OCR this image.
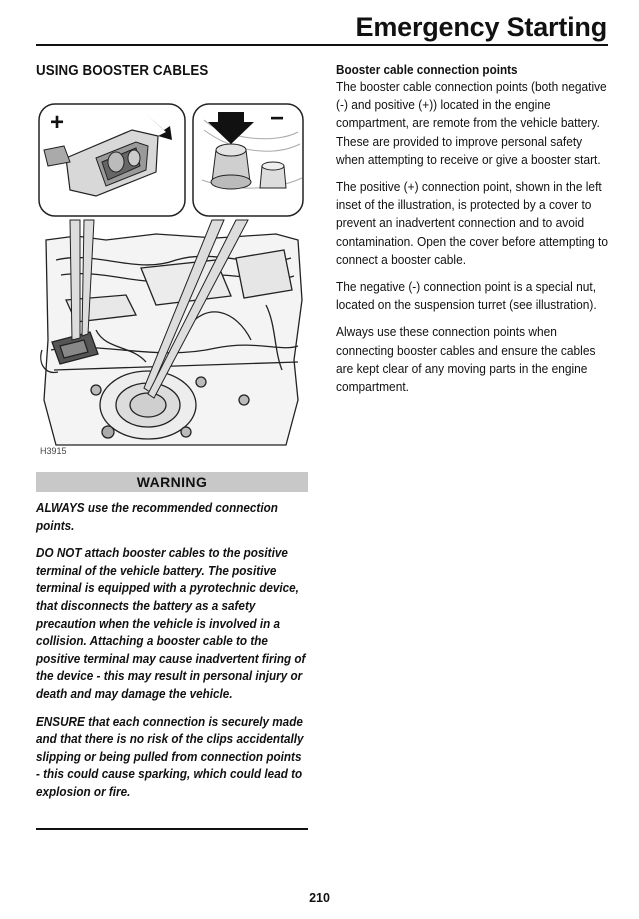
Emergency Starting
USING BOOSTER CABLES
+	−
H3915
WARNING

ALWAYS use the recommended connection points.

DO NOT attach booster cables to the positive terminal of the vehicle battery. The positive terminal is equipped with a pyrotechnic device, that disconnects the battery as a safety precaution when the vehicle is involved in a collision. Attaching a booster cable to the positive terminal may cause inadvertent firing of the device - this may result in personal injury or death and may damage the vehicle.

ENSURE that each connection is securely made and that there is no risk of the clips accidentally slipping or being pulled from connection points - this could cause sparking, which could lead to explosion or fire.

Booster cable connection points

The booster cable connection points (both negative (-) and positive (+)) located in the engine compartment, are remote from the vehicle battery. These are provided to improve personal safety when attempting to receive or give a booster start.

The positive (+) connection point, shown in the left inset of the illustration, is protected by a cover to prevent an inadvertent connection and to avoid contamination. Open the cover before attempting to connect a booster cable.

The negative (-) connection point is a special nut, located on the suspension turret (see illustration).

Always use these connection points when connecting booster cables and ensure the cables are kept clear of any moving parts in the engine compartment.

210
